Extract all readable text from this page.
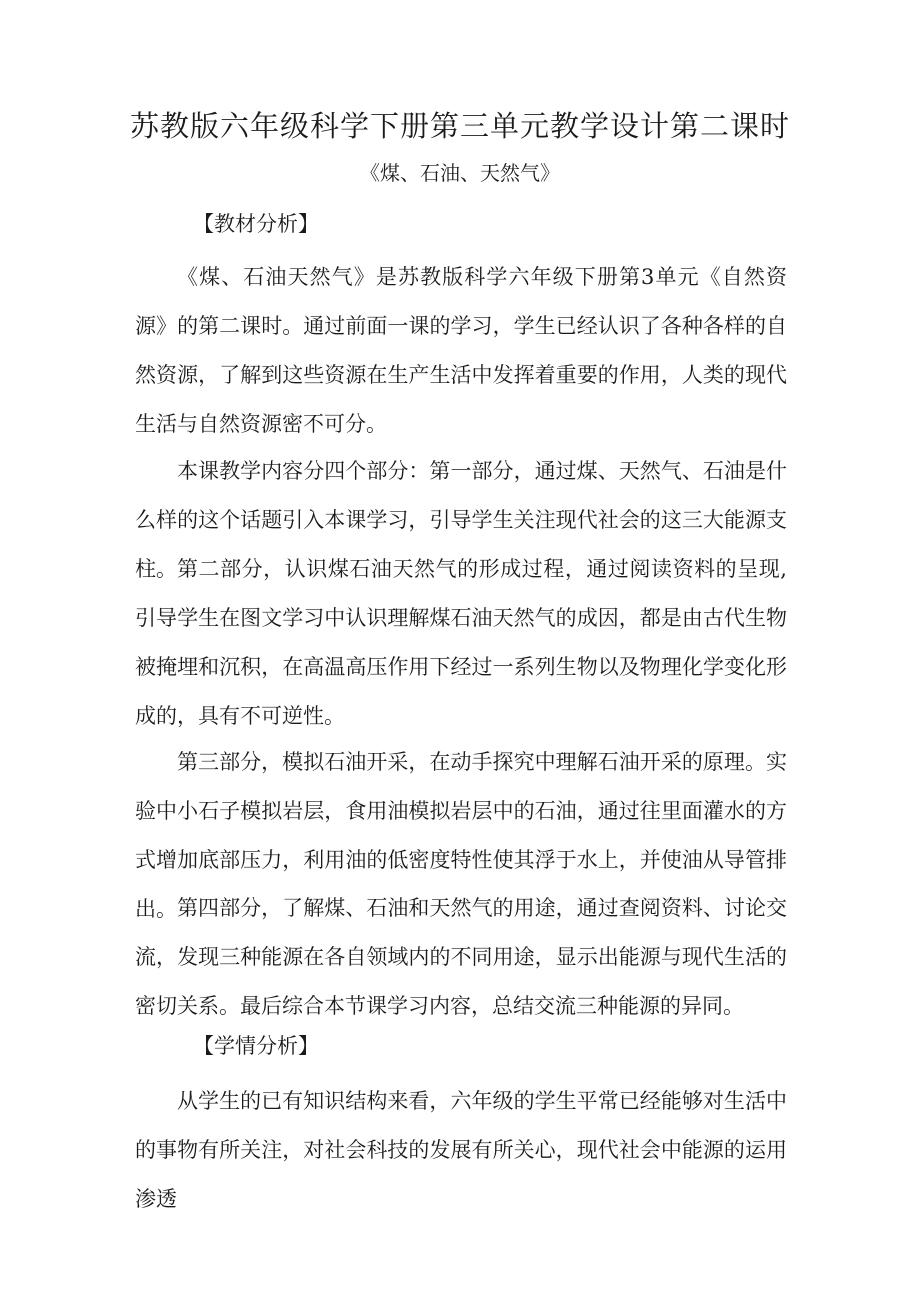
苏教版六年级科学下册第三单元教学设计第二课时
《煤、石油、天然气》
【教材分析】

《煤、石油天然气》是苏教版科学六年级下册第3单元《自然资源》的第二课时。通过前面一课的学习，学生已经认识了各种各样的自然资源，了解到这些资源在生产生活中发挥着重要的作用，人类的现代生活与自然资源密不可分。

本课教学内容分四个部分：第一部分，通过煤、天然气、石油是什么样的这个话题引入本课学习，引导学生关注现代社会的这三大能源支柱。 第二部分，认识煤石油天然气的形成过程，通过阅读资料的呈现,引导学生在图文学习中认识理解煤石油天然气的成因，都是由古代生物被掩埋和沉积，在高温高压作用下经过一系列生物以及物理化学变化形成的，具有不可逆性。

第三部分，模拟石油开采，在动手探究中理解石油开采的原理。实验中小石子模拟岩层，食用油模拟岩层中的石油，通过往里面灌水的方式增加底部压力，利用油的低密度特性使其浮于水上，并使油从导管排出。 第四部分，了解煤、石油和天然气的用途，通过查阅资料、讨论交流，发现三种能源在各自领域内的不同用途，显示出能源与现代生活的密切关系。最后综合本节课学习内容，总结交流三种能源的异同。

【学情分析】

从学生的已有知识结构来看，六年级的学生平常已经能够对生活中的事物有所关注，对社会科技的发展有所关心，现代社会中能源的运用渗透
